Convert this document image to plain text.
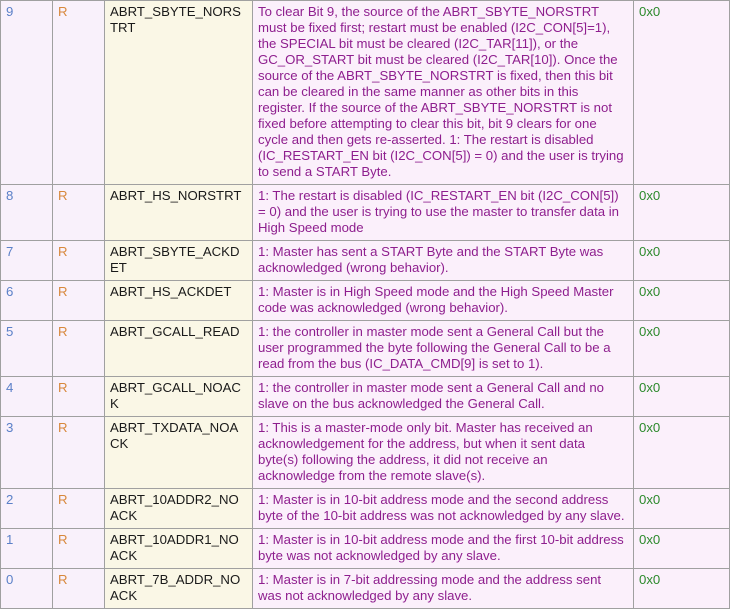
9	R	ABRT_SBYTE_NORSTRT	To clear Bit 9, the source of the ABRT_SBYTE_NORSTRT must be fixed first; restart must be enabled (I2C_CON[5]=1), the SPECIAL bit must be cleared (I2C_TAR[11]), or the GC_OR_START bit must be cleared (I2C_TAR[10]). Once the source of the ABRT_SBYTE_NORSTRT is fixed, then this bit can be cleared in the same manner as other bits in this register. If the source of the ABRT_SBYTE_NORSTRT is not fixed before attempting to clear this bit, bit 9 clears for one cycle and then gets re-asserted. 1: The restart is disabled (IC_RESTART_EN bit (I2C_CON[5]) = 0) and the user is trying to send a START Byte.	0x0
8	R	ABRT_HS_NORSTRT	1: The restart is disabled (IC_RESTART_EN bit (I2C_CON[5]) = 0) and the user is trying to use the master to transfer data in High Speed mode	0x0
7	R	ABRT_SBYTE_ACKDET	1: Master has sent a START Byte and the START Byte was acknowledged (wrong behavior).	0x0
6	R	ABRT_HS_ACKDET	1: Master is in High Speed mode and the High Speed Master code was acknowledged (wrong behavior).	0x0
5	R	ABRT_GCALL_READ	1: the controller in master mode sent a General Call but the user programmed the byte following the General Call to be a read from the bus (IC_DATA_CMD[9] is set to 1).	0x0
4	R	ABRT_GCALL_NOACK	1: the controller in master mode sent a General Call and no slave on the bus acknowledged the General Call.	0x0
3	R	ABRT_TXDATA_NOACK	1: This is a master-mode only bit. Master has received an acknowledgement for the address, but when it sent data byte(s) following the address, it did not receive an acknowledge from the remote slave(s).	0x0
2	R	ABRT_10ADDR2_NOACK	1: Master is in 10-bit address mode and the second address byte of the 10-bit address was not acknowledged by any slave.	0x0
1	R	ABRT_10ADDR1_NOACK	1: Master is in 10-bit address mode and the first 10-bit address byte was not acknowledged by any slave.	0x0
0	R	ABRT_7B_ADDR_NOACK	1: Master is in 7-bit addressing mode and the address sent was not acknowledged by any slave.	0x0
